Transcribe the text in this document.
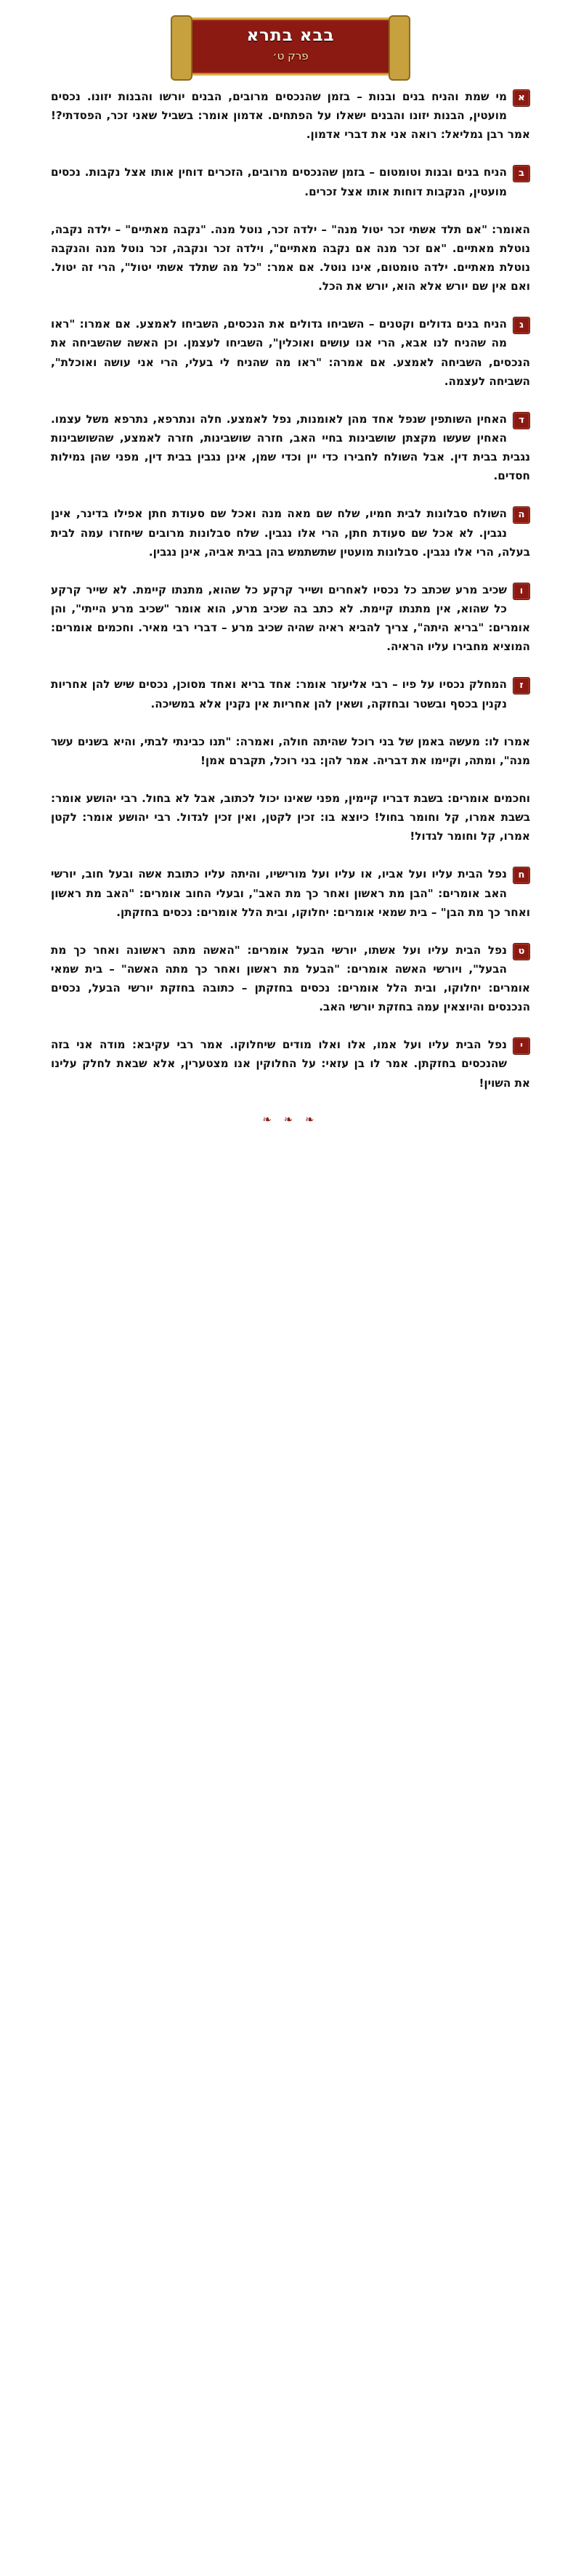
בבא בתרא
פרק ט׳
א
מי שמת והניח בנים ובנות – בזמן שהנכסים מרובים, הבנים יורשו והבנות יזונו. נכסים מועטין, הבנות יזונו והבנים ישאלו על הפתחים. אדמון אומר: בשביל שאני זכר, הפסדתי?! אמר רבן גמליאל: רואה אני את דברי אדמון.
ב
הניח בנים ובנות וטומטום – בזמן שהנכסים מרובים, הזכרים דוחין אותו אצל נקבות. נכסים מועטין, הנקבות דוחות אותו אצל זכרים.
האומר: "אם תלד אשתי זכר יטול מנה" – ילדה זכר, נוטל מנה. "נקבה מאתיים" – ילדה נקבה, נוטלת מאתיים. "אם זכר מנה אם נקבה מאתיים", וילדה זכר ונקבה, זכר נוטל מנה והנקבה נוטלת מאתיים. ילדה טומטום, אינו נוטל. אם אמר: "כל מה שתלד אשתי יטול", הרי זה יטול. ואם אין שם יורש אלא הוא, יורש את הכל.
ג
הניח בנים גדולים וקטנים – השביחו גדולים את הנכסים, השביחו לאמצע. אם אמרו: "ראו מה שהניח לנו אבא, הרי אנו עושים ואוכלין", השביחו לעצמן. וכן האשה שהשביחה את הנכסים, השביחה לאמצע. אם אמרה: "ראו מה שהניח לי בעלי, הרי אני עושה ואוכלת", השביחה לעצמה.
ד
האחין השותפין שנפל אחד מהן לאומנות, נפל לאמצע. חלה ונתרפא, נתרפא משל עצמו. האחין שעשו מקצתן שושבינות בחיי האב, חזרה שושבינות, חזרה לאמצע, שהשושבינות נגבית בבית דין. אבל השולח לחבירו כדי יין וכדי שמן, אינן נגבין בבית דין, מפני שהן גמילות חסדים.
ה
השולח סבלונות לבית חמיו, שלח שם מאה מנה ואכל שם סעודת חתן אפילו בדינר, אינן נגבין. לא אכל שם סעודת חתן, הרי אלו נגבין. שלח סבלונות מרובים שיחזרו עמה לבית בעלה, הרי אלו נגבין. סבלונות מועטין שתשתמש בהן בבית אביה, אינן נגבין.
ו
שכיב מרע שכתב כל נכסיו לאחרים ושייר קרקע כל שהוא, מתנתו קיימת. לא שייר קרקע כל שהוא, אין מתנתו קיימת. לא כתב בה שכיב מרע, הוא אומר "שכיב מרע הייתי", והן אומרים: "בריא היתה", צריך להביא ראיה שהיה שכיב מרע – דברי רבי מאיר. וחכמים אומרים: המוציא מחבירו עליו הראיה.
ז
המחלק נכסיו על פיו – רבי אליעזר אומר: אחד בריא ואחד מסוכן, נכסים שיש להן אחריות נקנין בכסף ובשטר ובחזקה, ושאין להן אחריות אין נקנין אלא במשיכה.
אמרו לו: מעשה באמן של בני רוכל שהיתה חולה, ואמרה: "תנו כבינתי לבתי, והיא בשנים עשר מנה", ומתה, וקיימו את דבריה. אמר להן: בני רוכל, תקברם אמן!
וחכמים אומרים: בשבת דבריו קיימין, מפני שאינו יכול לכתוב, אבל לא בחול. רבי יהושע אומר: בשבת אמרו, קל וחומר בחול! כיוצא בו: זכין לקטן, ואין זכין לגדול. רבי יהושע אומר: לקטן אמרו, קל וחומר לגדול!
ח
נפל הבית עליו ועל אביו, או עליו ועל מורישיו, והיתה עליו כתובת אשה ובעל חוב, יורשי האב אומרים: "הבן מת ראשון ואחר כך מת האב", ובעלי החוב אומרים: "האב מת ראשון ואחר כך מת הבן" – בית שמאי אומרים: יחלוקו, ובית הלל אומרים: נכסים בחזקתן.
ט
נפל הבית עליו ועל אשתו, יורשי הבעל אומרים: "האשה מתה ראשונה ואחר כך מת הבעל", ויורשי האשה אומרים: "הבעל מת ראשון ואחר כך מתה האשה" – בית שמאי אומרים: יחלוקו, ובית הלל אומרים: נכסים בחזקתן – כתובה בחזקת יורשי הבעל, נכסים הנכנסים והיוצאין עמה בחזקת יורשי האב.
י
נפל הבית עליו ועל אמו, אלו ואלו מודים שיחלוקו. אמר רבי עקיבא: מודה אני בזה שהנכסים בחזקתן. אמר לו בן עזאי: על החלוקין אנו מצטערין, אלא שבאת לחלק עלינו את השוין!
❧ ❧ ❧
